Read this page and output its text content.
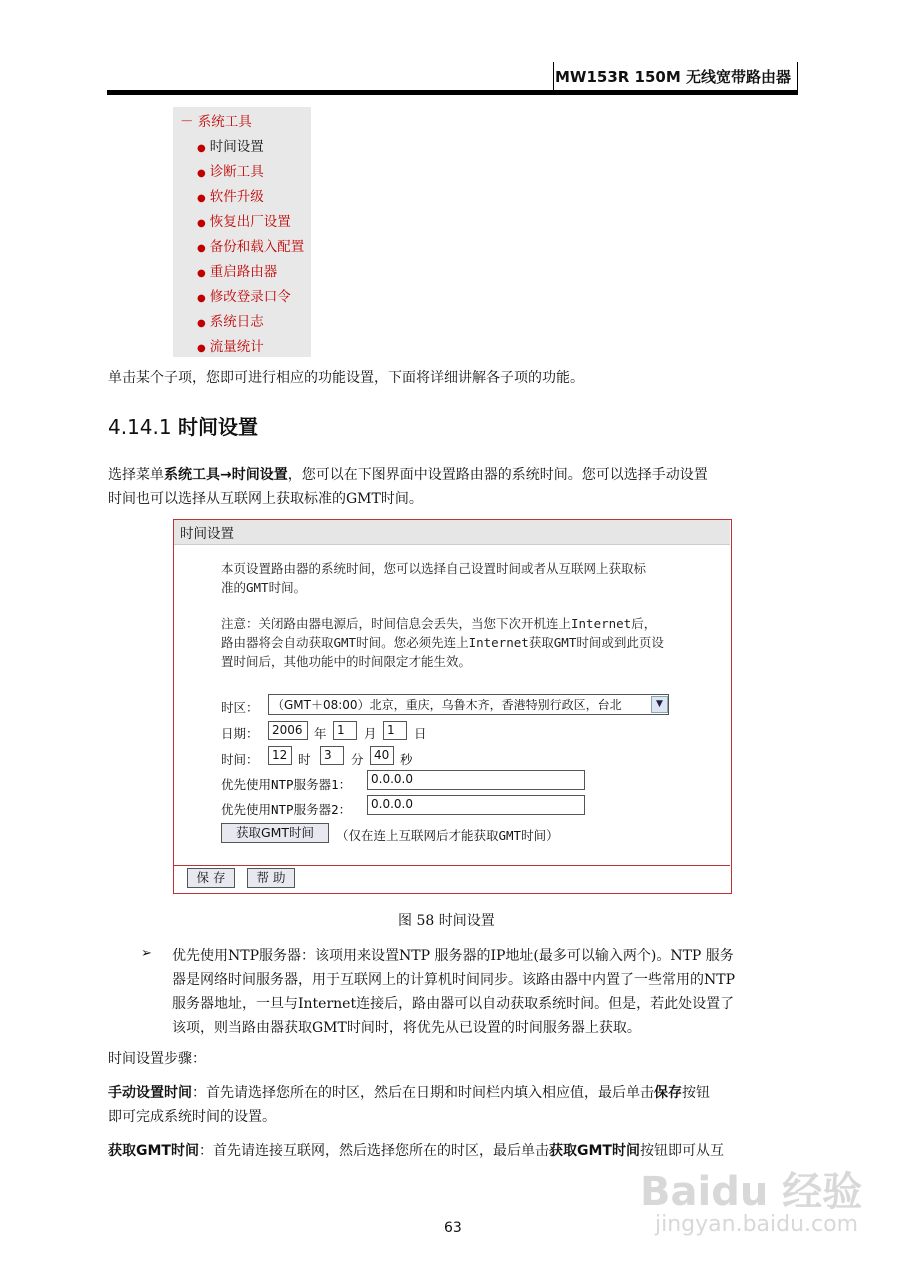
MW153R 150M 无线宽带路由器
－ 系统工具
● 时间设置
● 诊断工具
● 软件升级
● 恢复出厂设置
● 备份和载入配置
● 重启路由器
● 修改登录口令
● 系统日志
● 流量统计
单击某个子项，您即可进行相应的功能设置，下面将详细讲解各子项的功能。
4.14.1 时间设置
选择菜单系统工具→时间设置，您可以在下图界面中设置路由器的系统时间。您可以选择手动设置
时间也可以选择从互联网上获取标准的GMT时间。
时间设置
本页设置路由器的系统时间，您可以选择自己设置时间或者从互联网上获取标
准的GMT时间。
注意：关闭路由器电源后，时间信息会丢失，当您下次开机连上Internet后，
路由器将会自动获取GMT时间。您必须先连上Internet获取GMT时间或到此页设
置时间后，其他功能中的时间限定才能生效。
时区：	（GMT＋08:00）北京，重庆，乌鲁木齐，香港特别行政区，台北	▼
日期：	2006 年 1	月 1	日
时间：	12 时	3	分 40 秒
优先使用NTP服务器1：	0.0.0.0
优先使用NTP服务器2：	0.0.0.0
获取GMT时间	（仅在连上互联网后才能获取GMT时间）
保 存	帮 助
图 58 时间设置
➢ 优先使用NTP服务器：该项用来设置NTP 服务器的IP地址(最多可以输入两个)。NTP 服务
器是网络时间服务器，用于互联网上的计算机时间同步。该路由器中内置了一些常用的NTP
服务器地址，一旦与Internet连接后，路由器可以自动获取系统时间。但是，若此处设置了
该项，则当路由器获取GMT时间时，将优先从已设置的时间服务器上获取。
时间设置步骤：
手动设置时间：首先请选择您所在的时区，然后在日期和时间栏内填入相应值，最后单击保存按钮
即可完成系统时间的设置。
获取GMT时间：首先请连接互联网，然后选择您所在的时区，最后单击获取GMT时间按钮即可从互
Baidu 经验
jingyan.baidu.com
63
